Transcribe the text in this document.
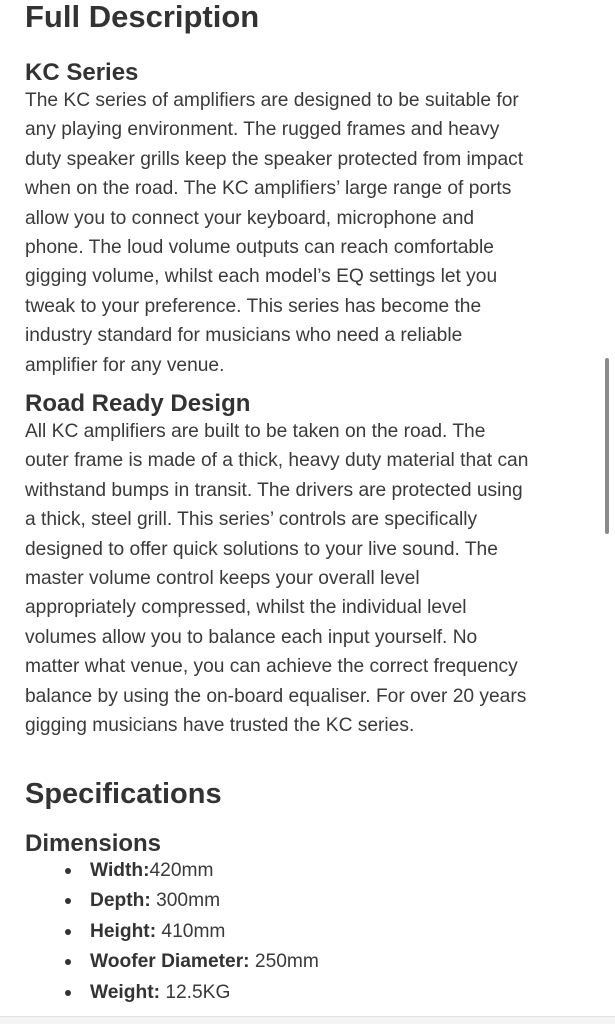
Full Description
KC Series
The KC series of amplifiers are designed to be suitable for
any playing environment. The rugged frames and heavy
duty speaker grills keep the speaker protected from impact
when on the road. The KC amplifiers’ large range of ports
allow you to connect your keyboard, microphone and
phone. The loud volume outputs can reach comfortable
gigging volume, whilst each model’s EQ settings let you
tweak to your preference. This series has become the
industry standard for musicians who need a reliable
amplifier for any venue.
Road Ready Design
All KC amplifiers are built to be taken on the road. The
outer frame is made of a thick, heavy duty material that can
withstand bumps in transit. The drivers are protected using
a thick, steel grill. This series’ controls are specifically
designed to offer quick solutions to your live sound. The
master volume control keeps your overall level
appropriately compressed, whilst the individual level
volumes allow you to balance each input yourself. No
matter what venue, you can achieve the correct frequency
balance by using the on-board equaliser. For over 20 years
gigging musicians have trusted the KC series.
Specifications
Dimensions
Width:420mm
Depth: 300mm
Height: 410mm
Woofer Diameter: 250mm
Weight: 12.5KG
